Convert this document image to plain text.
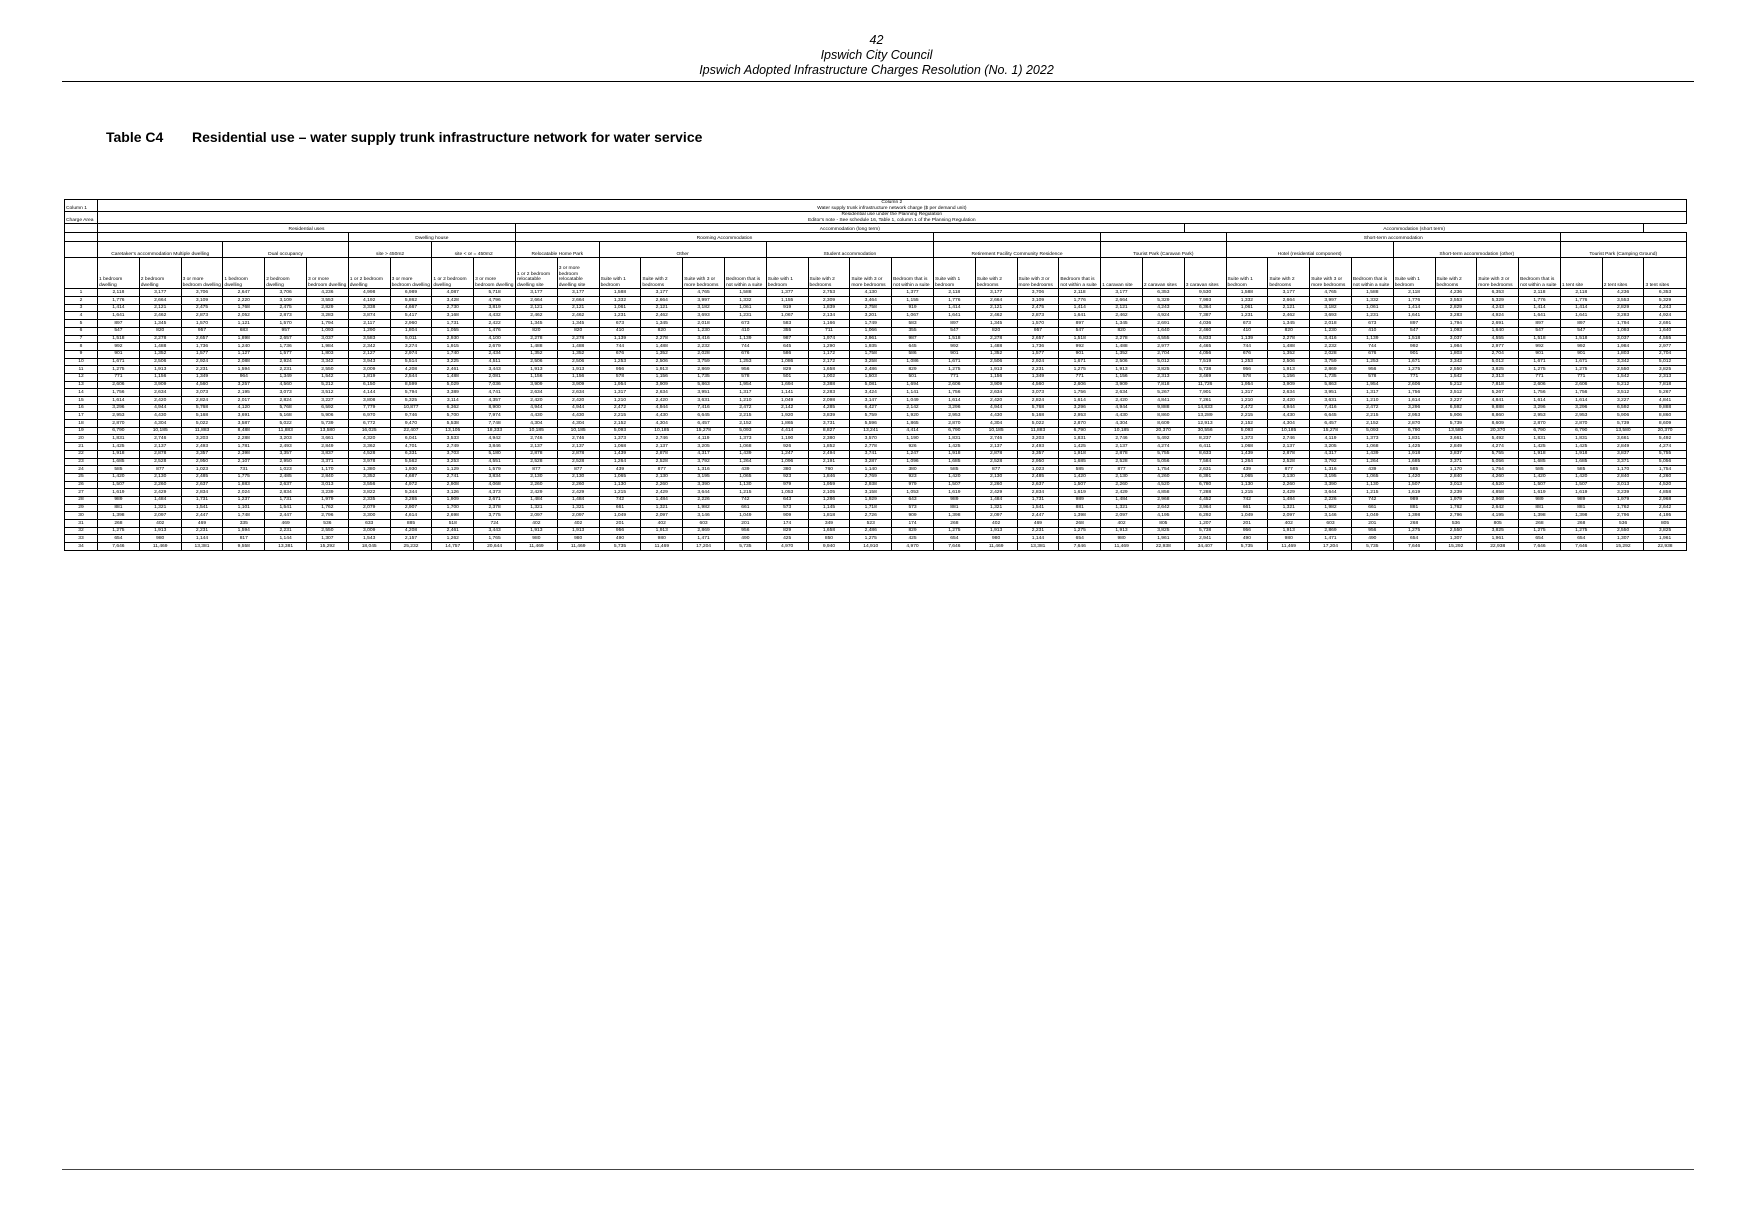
42
Ipswich City Council
Ipswich Adopted Infrastructure Charges Resolution (No. 1) 2022
Table C4 Residential use – water supply trunk infrastructure network for water service
Column 1	Column 2
Water supply trunk infrastructure network charge ($ per demand unit)																																					

Charge Area	Residential use under the Planning Regulation
Editor's note - See schedule 16, Table 1, column 1 of the Planning Regulation																																					

	Residential uses										Accommodation (long term)																Accommodation (short term)											
							Dwelling house				Rooming Accommodation																	Short-term accommodation										
	Caretaker's accommodation Multiple dwelling			Dual occupancy			site > 450m2		site < or = 450m2		Relocatable Home Park		Other				Student accommodation				Retirement Facility Community Residence				Tourist Park (Caravan Park)			Hotel (residential component)				Short-term accommodation (other)				Tourist Park (Camping Ground)		
	1 bedroom dwelling	2 bedroom dwelling	3 or more bedroom dwelling	1 bedroom dwelling	2 bedroom dwelling	3 or more bedroom dwelling	1 or 2 bedroom dwelling	3 or more bedroom dwelling	1 or 2 bedroom dwelling	3 or more bedroom dwelling	1 or 2 bedroom relocatable dwelling site	3 or more bedroom relocatable dwelling site	Suite with 1 bedroom	Suite with 2 bedrooms	Suite with 3 or more bedrooms	Bedroom that is not within a suite	Suite with 1 bedroom	Suite with 2 bedrooms	Suite with 3 or more bedrooms	Bedroom that is not within a suite	Suite with 1 bedroom	Suite with 2 bedrooms	Suite with 3 or more bedrooms	Bedroom that is not within a suite	1 caravan site	2 caravan sites	3 caravan sites	Suite with 1 bedroom	Suite with 2 bedrooms	Suite with 3 or more bedrooms	Bedroom that is not within a suite	Suite with 1 bedroom	Suite with 2 bedrooms	Suite with 3 or more bedrooms	Bedroom that is not within a suite	1 tent site	2 tent sites	3 tent sites
1	2,118	3,177	3,706	2,647	3,706	4,236	4,998	6,989	4,087	5,718	3,177	3,177	1,588	3,177	4,765	1,588	1,377	2,753	4,130	1,377	2,118	3,177	3,706	2,118	3,177	6,353	9,530	1,588	3,177	4,765	1,588	2,118	4,236	6,353	2,118	2,118	4,236	6,353
2	1,776	2,664	3,109	2,220	3,109	3,553	4,192	5,862	3,428	4,796	2,664	2,664	1,332	2,664	3,997	1,332	1,155	2,309	3,464	1,155	1,776	2,664	3,109	1,776	2,664	5,329	7,993	1,332	2,664	3,997	1,332	1,776	3,553	5,329	1,776	1,776	3,553	5,329
3	1,414	2,121	2,475	1,768	2,475	2,829	3,338	4,667	2,730	3,819	2,121	2,121	1,061	2,121	3,182	1,061	919	1,839	2,758	919	1,414	2,121	2,475	1,414	2,121	4,243	6,364	1,061	2,121	3,182	1,061	1,414	2,829	4,243	1,414	1,414	2,829	4,243
4	1,641	2,462	2,873	2,052	2,873	3,283	3,874	5,417	3,168	4,432	2,462	2,462	1,231	2,462	3,693	1,231	1,067	2,134	3,201	1,067	1,641	2,462	2,873	1,641	2,462	4,924	7,387	1,231	2,462	3,693	1,231	1,641	3,283	4,924	1,641	1,641	3,283	4,924
5	897	1,345	1,570	1,121	1,570	1,794	2,117	2,960	1,731	2,422	1,345	1,345	673	1,345	2,018	673	583	1,166	1,749	583	897	1,345	1,570	897	1,345	2,691	4,036	673	1,345	2,018	673	897	1,794	2,691	897	897	1,794	2,691
6	547	820	957	683	957	1,093	1,290	1,804	1,055	1,476	820	820	410	820	1,230	410	355	711	1,066	355	547	820	957	547	820	1,640	2,460	410	820	1,230	410	547	1,093	1,640	547	547	1,093	1,640
7	1,518	2,278	2,657	1,898	2,657	3,037	3,583	5,011	2,930	4,100	2,278	2,278	1,139	2,278	3,416	1,139	987	1,974	2,961	987	1,518	2,278	2,657	1,518	2,278	4,555	6,833	1,139	2,278	3,416	1,139	1,518	3,037	4,555	1,518	1,518	3,037	4,555
8	992	1,488	1,736	1,240	1,736	1,984	2,342	3,274	1,915	2,679	1,488	1,488	744	1,488	2,232	744	645	1,290	1,935	645	992	1,488	1,736	992	1,488	2,977	4,465	744	1,488	2,232	744	992	1,984	2,977	992	992	1,984	2,977
9	901	1,352	1,577	1,127	1,577	1,803	2,127	2,974	1,740	2,434	1,352	1,352	676	1,352	2,028	676	586	1,172	1,758	586	901	1,352	1,577	901	1,352	2,704	4,056	676	1,352	2,028	676	901	1,803	2,704	901	901	1,803	2,704
10	1,671	2,506	2,924	2,088	2,924	3,342	3,943	5,514	3,225	4,511	2,506	2,506	1,253	2,506	3,759	1,253	1,086	2,172	3,258	1,086	1,671	2,506	2,924	1,671	2,506	5,012	7,519	1,253	2,506	3,759	1,253	1,671	3,342	5,012	1,671	1,671	3,342	5,012
11	1,275	1,913	2,231	1,594	2,231	2,550	3,009	4,208	2,461	3,443	1,913	1,913	956	1,913	2,869	956	829	1,658	2,486	829	1,275	1,913	2,231	1,275	1,913	3,825	5,738	956	1,913	2,869	956	1,275	2,550	3,825	1,275	1,275	2,550	3,825
12	771	1,156	1,349	964	1,349	1,542	1,819	2,544	1,488	2,081	1,156	1,156	578	1,156	1,735	578	501	1,002	1,503	501	771	1,156	1,349	771	1,156	2,313	3,469	578	1,156	1,735	578	771	1,542	2,313	771	771	1,542	2,313
13	2,606	3,909	4,560	3,257	4,560	5,212	6,150	8,599	5,029	7,036	3,909	3,909	1,954	3,909	5,863	1,954	1,694	3,388	5,081	1,694	2,606	3,909	4,560	2,606	3,909	7,818	11,726	1,954	3,909	5,863	1,954	2,606	5,212	7,818	2,606	2,606	5,212	7,818
14	1,756	2,634	3,073	2,195	3,073	3,512	4,144	5,794	3,389	4,741	2,634	2,634	1,317	2,634	3,951	1,317	1,141	2,283	3,424	1,141	1,756	2,634	3,073	1,756	2,634	5,267	7,901	1,317	2,634	3,951	1,317	1,756	3,512	5,267	1,756	1,756	3,512	5,267
15	1,614	2,420	2,824	2,017	2,824	3,227	3,808	5,325	3,114	4,357	2,420	2,420	1,210	2,420	3,631	1,210	1,049	2,098	3,147	1,049	1,614	2,420	2,824	1,614	2,420	4,841	7,261	1,210	2,420	3,631	1,210	1,614	3,227	4,841	1,614	1,614	3,227	4,841
16	3,296	4,944	5,768	4,120	5,768	6,592	7,779	10,877	6,362	8,900	4,944	4,944	2,472	4,944	7,416	2,472	2,142	4,285	6,427	2,142	3,296	4,944	5,768	3,296	4,944	9,888	14,833	2,472	4,944	7,416	2,472	3,296	6,592	9,888	3,296	3,296	6,592	9,888
17	2,953	4,430	5,168	3,691	5,168	5,906	6,970	9,746	5,700	7,974	4,430	4,430	2,215	4,430	6,645	2,215	1,920	3,839	5,759	1,920	2,953	4,430	5,168	2,953	4,430	8,860	13,289	2,215	4,430	6,645	2,215	2,953	5,906	8,860	2,953	2,953	5,906	8,860
18	2,870	4,304	5,022	3,587	5,022	5,739	6,772	9,470	5,538	7,748	4,304	4,304	2,152	4,304	6,457	2,152	1,865	3,731	5,596	1,865	2,870	4,304	5,022	2,870	4,304	8,609	12,913	2,152	4,304	6,457	2,152	2,870	5,739	8,609	2,870	2,870	5,739	8,609
19	6,790	10,185	11,883	8,488	11,883	13,580	16,025	22,407	13,105	18,333	10,185	10,185	5,093	10,185	15,278	5,093	4,414	8,827	13,241	4,414	6,790	10,185	11,883	6,790	10,185	20,370	30,556	5,093	10,185	15,278	5,093	6,790	13,580	20,370	6,790	6,790	13,580	20,370
20	1,831	2,746	3,203	2,288	3,203	3,661	4,320	6,041	3,533	4,942	2,746	2,746	1,373	2,746	4,119	1,373	1,190	2,380	3,570	1,190	1,831	2,746	3,203	1,831	2,746	5,492	8,237	1,373	2,746	4,119	1,373	1,831	3,661	5,492	1,831	1,831	3,661	5,492
21	1,425	2,137	2,493	1,781	2,493	2,849	3,362	4,701	2,749	3,846	2,137	2,137	1,068	2,137	3,205	1,068	926	1,852	2,778	926	1,425	2,137	2,493	1,425	2,137	4,274	6,411	1,068	2,137	3,205	1,068	1,425	2,849	4,274	1,425	1,425	2,849	4,274
22	1,918	2,878	3,357	2,398	3,357	3,837	4,528	6,331	3,703	5,180	2,878	2,878	1,439	2,878	4,317	1,439	1,247	2,494	3,741	1,247	1,918	2,878	3,357	1,918	2,878	5,755	8,633	1,439	2,878	4,317	1,439	1,918	3,837	5,755	1,918	1,918	3,837	5,755
23	1,685	2,528	2,950	2,107	2,950	3,371	3,978	5,562	3,253	4,551	2,528	2,528	1,264	2,528	3,792	1,264	1,096	2,191	3,287	1,096	1,685	2,528	2,950	1,685	2,528	5,056	7,584	1,264	2,528	3,792	1,264	1,685	3,371	5,056	1,685	1,685	3,371	5,056
24	585	877	1,023	731	1,023	1,170	1,380	1,930	1,129	1,579	877	877	439	877	1,316	439	380	760	1,140	380	585	877	1,023	585	877	1,754	2,631	439	877	1,316	439	585	1,170	1,754	585	585	1,170	1,754
25	1,420	2,130	2,485	1,775	2,485	2,840	3,352	4,687	2,741	3,834	2,130	2,130	1,065	2,130	3,195	1,065	923	1,846	2,769	923	1,420	2,130	2,485	1,420	2,130	4,260	6,391	1,065	2,130	3,195	1,065	1,420	2,840	4,260	1,420	1,420	2,840	4,260
26	1,507	2,260	2,637	1,883	2,637	3,013	3,556	4,972	2,908	4,068	2,260	2,260	1,130	2,260	3,390	1,130	979	1,959	2,938	979	1,507	2,260	2,637	1,507	2,260	4,520	6,780	1,130	2,260	3,390	1,130	1,507	3,013	4,520	1,507	1,507	3,013	4,520
27	1,619	2,429	2,834	2,024	2,834	3,239	3,822	5,344	3,126	4,373	2,429	2,429	1,215	2,429	3,644	1,215	1,053	2,105	3,158	1,053	1,619	2,429	2,834	1,619	2,429	4,858	7,288	1,215	2,429	3,644	1,215	1,619	3,239	4,858	1,619	1,619	3,239	4,858
28	989	1,484	1,731	1,237	1,731	1,979	2,335	3,265	1,909	2,671	1,484	1,484	742	1,484	2,226	742	643	1,286	1,929	643	989	1,484	1,731	989	1,484	2,968	4,452	742	1,484	2,226	742	989	1,979	2,968	989	989	1,979	2,968
29	881	1,321	1,541	1,101	1,541	1,762	2,079	2,907	1,700	2,378	1,321	1,321	661	1,321	1,982	661	573	1,145	1,718	573	881	1,321	1,541	881	1,321	2,642	3,964	661	1,321	1,982	661	881	1,762	2,642	881	881	1,762	2,642
30	1,398	2,097	2,447	1,748	2,447	2,796	3,300	4,614	2,698	3,775	2,097	2,097	1,049	2,097	3,146	1,049	909	1,818	2,726	909	1,398	2,097	2,447	1,398	2,097	4,195	6,292	1,049	2,097	3,146	1,049	1,398	2,796	4,195	1,398	1,398	2,796	4,195
31	268	402	469	335	469	536	633	885	518	724	402	402	201	402	603	201	174	349	523	174	268	402	469	268	402	805	1,207	201	402	603	201	268	536	805	268	268	536	805
32	1,275	1,913	2,231	1,594	2,231	2,550	3,009	4,208	2,461	3,443	1,913	1,913	956	1,913	2,869	956	829	1,658	2,486	829	1,275	1,913	2,231	1,275	1,913	3,825	5,738	956	1,913	2,869	956	1,275	2,550	3,825	1,275	1,275	2,550	3,825
33	654	980	1,144	817	1,144	1,307	1,543	2,157	1,262	1,765	980	980	490	980	1,471	490	425	850	1,275	425	654	980	1,144	654	980	1,961	2,941	490	980	1,471	490	654	1,307	1,961	654	654	1,307	1,961
34	7,646	11,469	13,381	9,558	13,381	15,292	18,045	25,232	14,757	20,644	11,469	11,469	5,735	11,469	17,204	5,735	4,970	9,940	14,910	4,970	7,646	11,469	13,381	7,646	11,469	22,938	34,407	5,735	11,469	17,204	5,735	7,646	15,292	22,938	7,646	7,646	15,292	22,938
